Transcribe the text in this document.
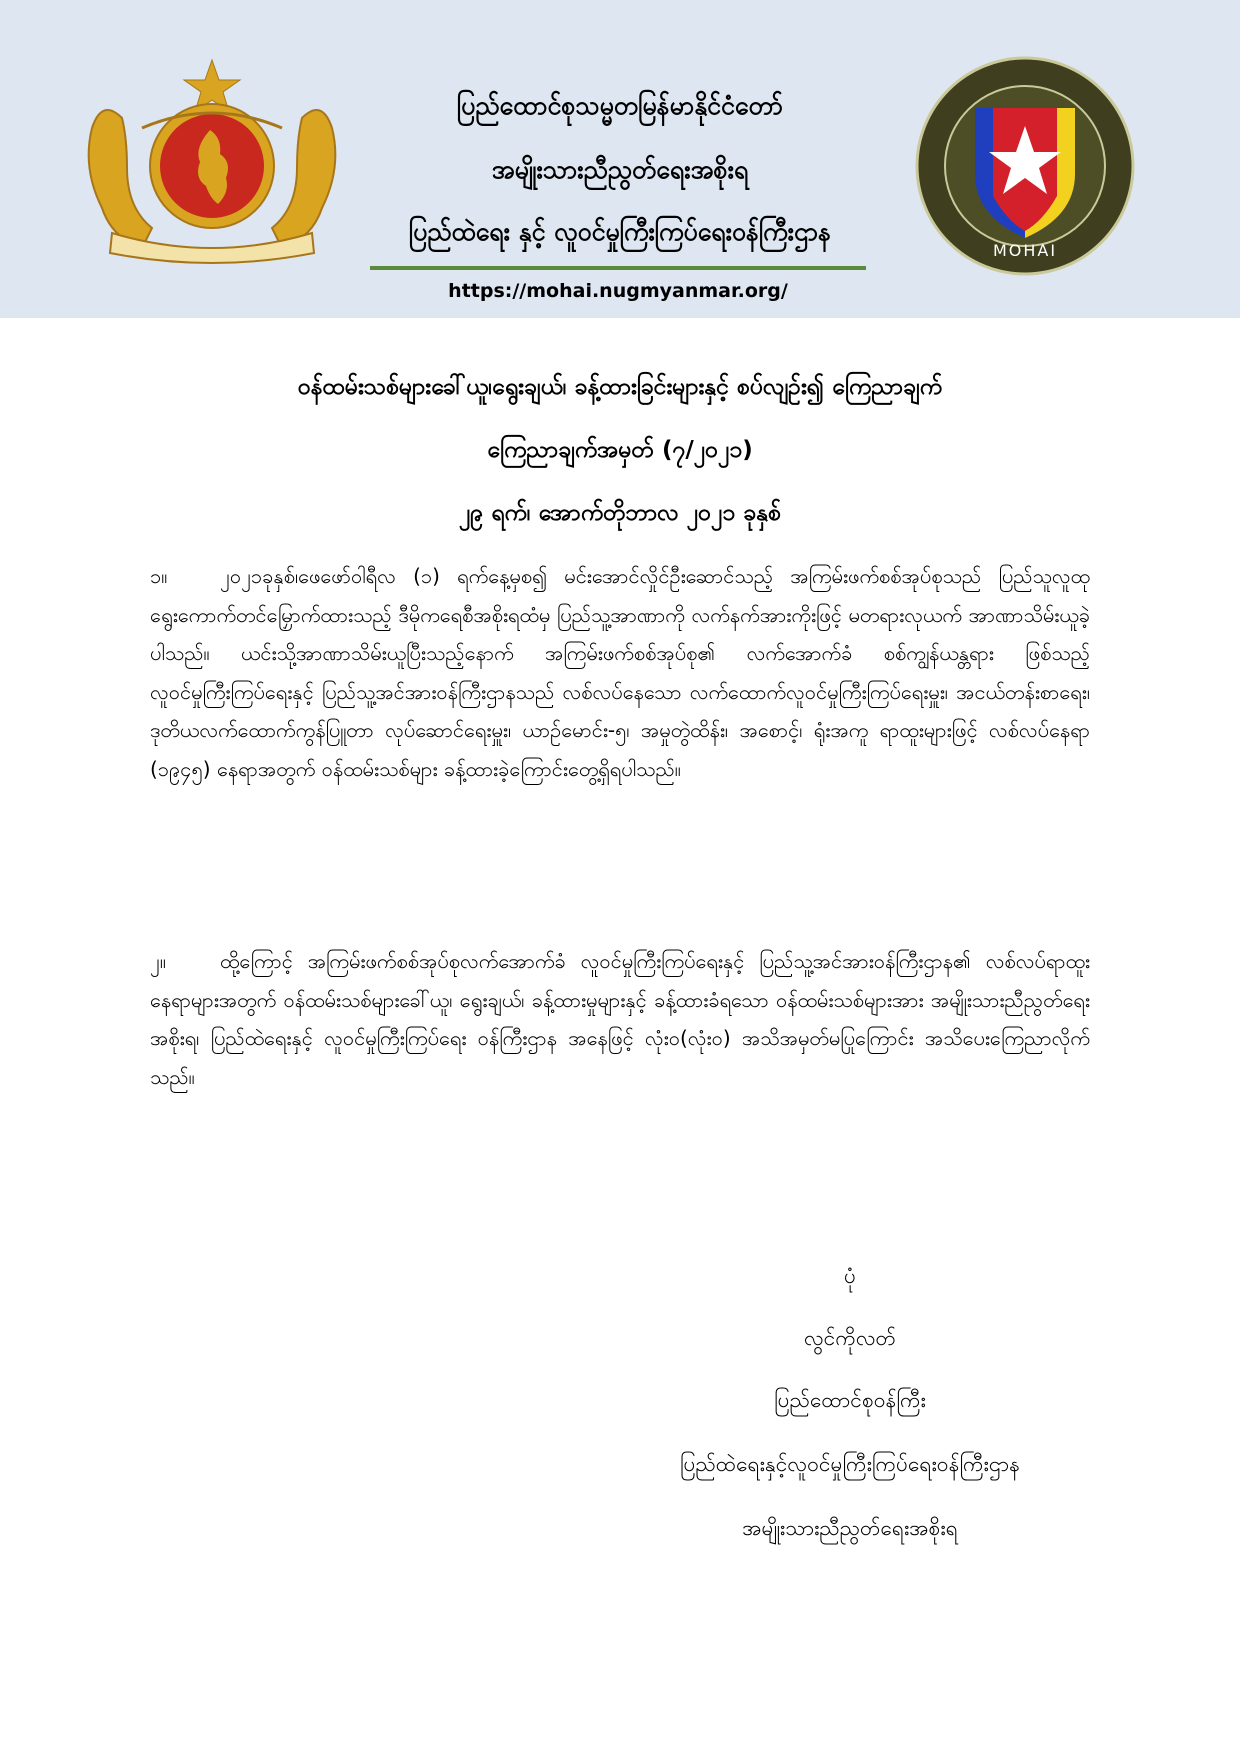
ပြည်ထောင်စုသမ္မတမြန်မာနိုင်ငံတော်
အမျိုးသားညီညွတ်ရေးအစိုးရ
ပြည်ထဲရေး နှင့် လူဝင်မှုကြီးကြပ်ရေးဝန်ကြီးဌာန
https://mohai.nugmyanmar.org/
MOHAI
ဝန်ထမ်းသစ်များခေါ်ယူ၊ရွေးချယ်၊ ခန့်ထားခြင်းများနှင့် စပ်လျဉ်း၍ ကြေညာချက်
ကြေညာချက်အမှတ် (၇/၂၀၂၁)
၂၉ ရက်၊ အောက်တိုဘာလ ၂၀၂၁ ခုနှစ်

၁။	၂၀၂၁ခုနှစ်၊ဖေဖော်ဝါရီလ (၁) ရက်နေ့မှစ၍ မင်းအောင်လှိုင်ဦးဆောင်သည့် အကြမ်းဖက်စစ်အုပ်စုသည် ပြည်သူလူထုရွေးကောက်တင်မြှောက်ထားသည့် ဒီမိုကရေစီအစိုးရထံမှ ပြည်သူ့အာဏာကို လက်နက်အားကိုးဖြင့် မတရားလုယက် အာဏာသိမ်းယူခဲ့ပါသည်။ ယင်းသို့အာဏာသိမ်းယူပြီးသည့်နောက် အကြမ်းဖက်စစ်အုပ်စု၏ လက်အောက်ခံ စစ်ကျွန်ယန္တရား ဖြစ်သည့် လူဝင်မှုကြီးကြပ်ရေးနှင့် ပြည်သူ့အင်အားဝန်ကြီးဌာနသည် လစ်လပ်နေသော လက်ထောက်လူဝင်မှုကြီးကြပ်ရေးမှူး၊ အငယ်တန်းစာရေး၊ ဒုတိယလက်ထောက်ကွန်ပြူတာ လုပ်ဆောင်ရေးမှူး၊ ယာဉ်မောင်း-၅၊ အမှုတွဲထိန်း၊ အစောင့်၊ ရုံးအကူ ရာထူးများဖြင့် လစ်လပ်နေရာ (၁၉၄၅) နေရာအတွက် ဝန်ထမ်းသစ်များ ခန့်ထားခဲ့ကြောင်းတွေ့ရှိရပါသည်။

၂။	ထို့ကြောင့် အကြမ်းဖက်စစ်အုပ်စုလက်အောက်ခံ လူဝင်မှုကြီးကြပ်ရေးနှင့် ပြည်သူ့အင်အားဝန်ကြီးဌာန၏ လစ်လပ်ရာထူးနေရာများအတွက် ဝန်ထမ်းသစ်များခေါ်ယူ၊ ရွေးချယ်၊ ခန့်ထားမှုများနှင့် ခန့်ထားခံရသော ဝန်ထမ်းသစ်များအား အမျိုးသားညီညွတ်ရေးအစိုးရ၊ ပြည်ထဲရေးနှင့် လူဝင်မှုကြီးကြပ်ရေး ဝန်ကြီးဌာန အနေဖြင့် လုံးဝ(လုံးဝ) အသိအမှတ်မပြုကြောင်း အသိပေးကြေညာလိုက်သည်။

ပုံ
လွင်ကိုလတ်
ပြည်ထောင်စုဝန်ကြီး
ပြည်ထဲရေးနှင့်လူဝင်မှုကြီးကြပ်ရေးဝန်ကြီးဌာန
အမျိုးသားညီညွတ်ရေးအစိုးရ
